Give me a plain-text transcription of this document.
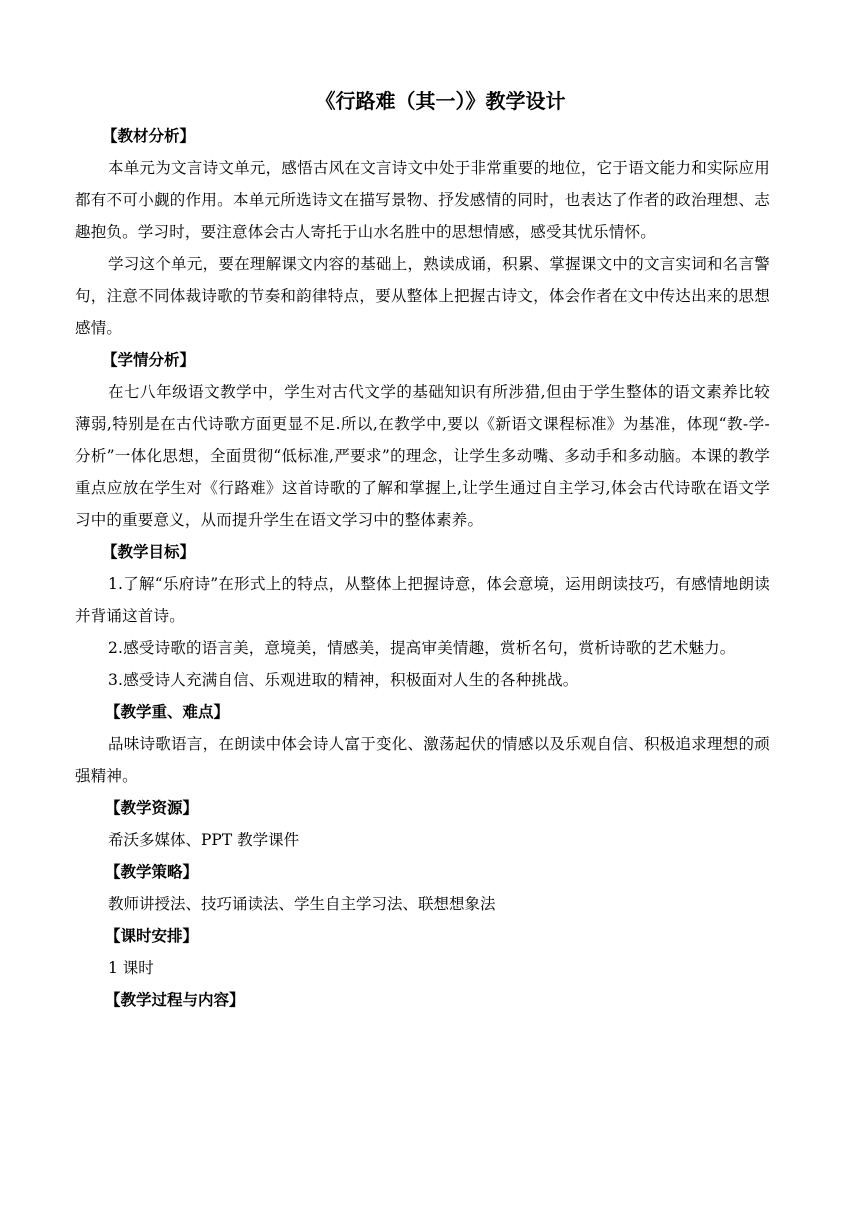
《行路难（其一）》教学设计
【教材分析】

本单元为文言诗文单元，感悟古风在文言诗文中处于非常重要的地位，它于语文能力和实际应用都有不可小觑的作用。本单元所选诗文在描写景物、抒发感情的同时，也表达了作者的政治理想、志趣抱负。学习时，要注意体会古人寄托于山水名胜中的思想情感，感受其忧乐情怀。

学习这个单元，要在理解课文内容的基础上，熟读成诵，积累、掌握课文中的文言实词和名言警句，注意不同体裁诗歌的节奏和韵律特点，要从整体上把握古诗文，体会作者在文中传达出来的思想感情。

【学情分析】

在七八年级语文教学中，学生对古代文学的基础知识有所涉猎,但由于学生整体的语文素养比较薄弱,特别是在古代诗歌方面更显不足.所以,在教学中,要以《新语文课程标准》为基准，体现“教-学-分析”一体化思想，全面贯彻“低标准,严要求”的理念，让学生多动嘴、多动手和多动脑。本课的教学重点应放在学生对《行路难》这首诗歌的了解和掌握上,让学生通过自主学习,体会古代诗歌在语文学习中的重要意义，从而提升学生在语文学习中的整体素养。

【教学目标】

1.了解“乐府诗”在形式上的特点，从整体上把握诗意，体会意境，运用朗读技巧，有感情地朗读并背诵这首诗。

2.感受诗歌的语言美，意境美，情感美，提高审美情趣，赏析名句，赏析诗歌的艺术魅力。

3.感受诗人充满自信、乐观进取的精神，积极面对人生的各种挑战。

【教学重、难点】

品味诗歌语言，在朗读中体会诗人富于变化、激荡起伏的情感以及乐观自信、积极追求理想的顽强精神。

【教学资源】
希沃多媒体、PPT 教学课件
【教学策略】
教师讲授法、技巧诵读法、学生自主学习法、联想想象法
【课时安排】
1 课时
【教学过程与内容】
